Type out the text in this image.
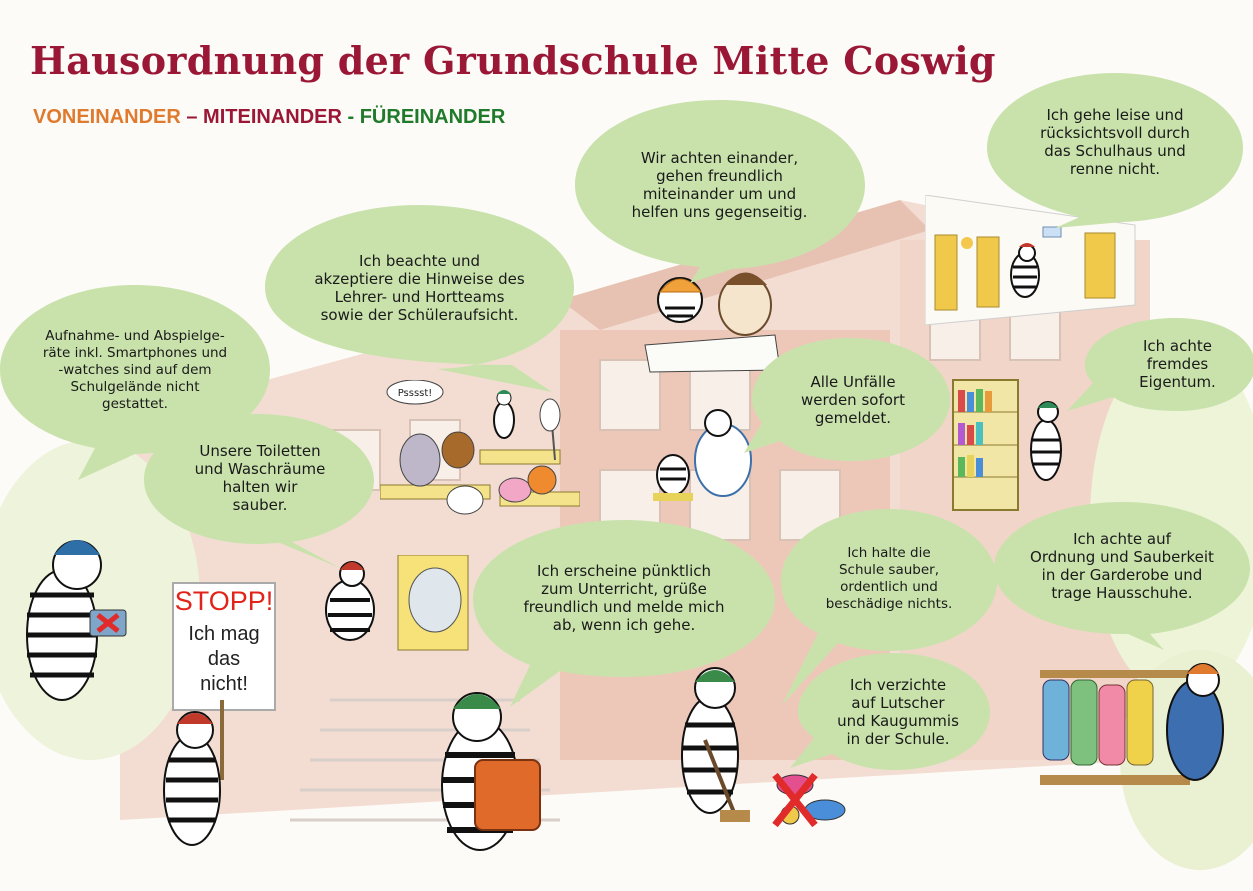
Hausordnung der Grundschule Mitte Coswig
VONEINANDER – MITEINANDER - FÜREINANDER
Psssst!
STOPP!
Ich mag
das
nicht!
Wir achten einander,
gehen freundlich
miteinander um und
helfen uns gegenseitig.
Ich gehe leise und
rücksichtsvoll durch
das Schulhaus und
renne nicht.
Ich beachte und
akzeptiere die Hinweise des
Lehrer- und Hortteams
sowie der Schüleraufsicht.
Aufnahme- und Abspielge-
räte inkl. Smartphones und
-watches sind auf dem
Schulgelände nicht
gestattet.
Alle Unfälle
werden sofort
gemeldet.
Ich achte
fremdes
Eigentum.
Unsere Toiletten
und Waschräume
halten wir
sauber.
Ich erscheine pünktlich
zum Unterricht, grüße
freundlich und melde mich
ab, wenn ich gehe.
Ich halte die
Schule sauber,
ordentlich und
beschädige nichts.
Ich achte auf
Ordnung und Sauberkeit
in der Garderobe und
trage Hausschuhe.
Ich verzichte
auf Lutscher
und Kaugummis
in der Schule.
